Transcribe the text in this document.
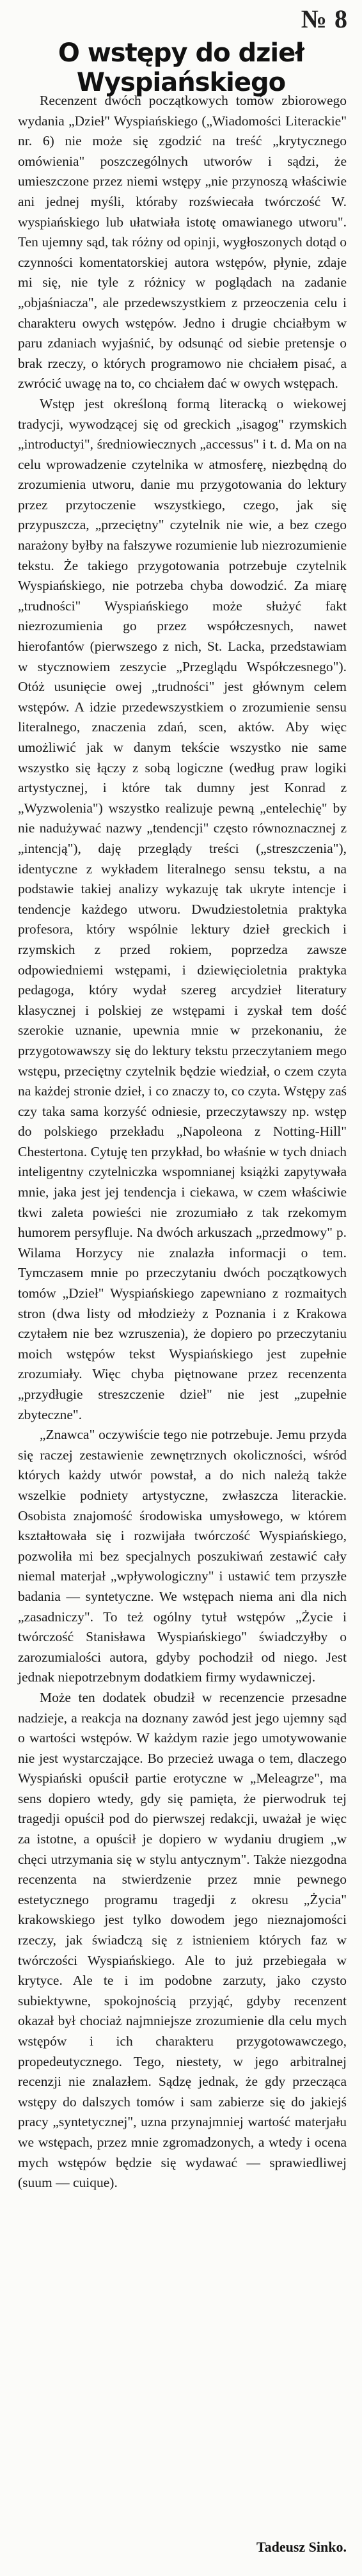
№ 8
O wstępy do dzieł Wyspiańskiego

Recenzent dwóch początkowych tomów zbiorowego wydania „Dzieł" Wyspiańskiego („Wiadomości Literackie" nr. 6) nie może się zgodzić na treść „krytycznego omówienia" poszczególnych utworów i sądzi, że umieszczone przez niemi wstępy „nie przynoszą właściwie ani jednej myśli, któraby rozświecała twórczość W. wyspiańskiego lub ułatwiała istotę omawianego utworu". Ten ujemny sąd, tak różny od opinji, wygłoszonych dotąd o czynności komentatorskiej autora wstępów, płynie, zdaje mi się, nie tyle z różnicy w poglądach na zadanie „objaśniacza", ale przedewszystkiem z przeoczenia celu i charakteru owych wstępów. Jedno i drugie chciałbym w paru zdaniach wyjaśnić, by odsunąć od siebie pretensje o brak rzeczy, o których programowo nie chciałem pisać, a zwrócić uwagę na to, co chciałem dać w owych wstępach.

Wstęp jest określoną formą literacką o wiekowej tradycji, wywodzącej się od greckich „isagog" rzymskich „introductyi", średniowiecznych „accessus" i t. d. Ma on na celu wprowadzenie czytelnika w atmosferę, niezbędną do zrozumienia utworu, danie mu przygotowania do lektury przez przytoczenie wszystkiego, czego, jak się przypuszcza, „przeciętny" czytelnik nie wie, a bez czego narażony byłby na fałszywe rozumienie lub niezrozumienie tekstu. Że takiego przygotowania potrzebuje czytelnik Wyspiańskiego, nie potrzeba chyba dowodzić. Za miarę „trudności" Wyspiańskiego może służyć fakt niezrozumienia go przez współczesnych, nawet hierofantów (pierwszego z nich, St. Lacka, przedstawiam w stycznowiem zeszycie „Przeglądu Współczesnego"). Otóż usunięcie owej „trudności" jest głównym celem wstępów. A idzie przedewszystkiem o zrozumienie sensu literalnego, znaczenia zdań, scen, aktów. Aby więc umożliwić jak w danym tekście wszystko nie same wszystko się łączy z sobą logiczne (według praw logiki artystycznej, i które tak dumny jest Konrad z „Wyzwolenia") wszystko realizuje pewną „entelechię" by nie nadużywać nazwy „tendencji" często równoznacznej z „intencją"), daję przeglądy treści („streszczenia"), identyczne z wykładem literalnego sensu tekstu, a na podstawie takiej analizy wykazuję tak ukryte intencje i tendencje każdego utworu. Dwudziestoletnia praktyka profesora, który wspólnie lektury dzieł greckich i rzymskich z przed rokiem, poprzedza zawsze odpowiedniemi wstępami, i dziewięcioletnia praktyka pedagoga, który wydał szereg arcydzieł literatury klasycznej i polskiej ze wstępami i zyskał tem dość szerokie uznanie, upewnia mnie w przekonaniu, że przygotowawszy się do lektury tekstu przeczytaniem mego wstępu, przeciętny czytelnik będzie wiedział, o czem czyta na każdej stronie dzieł, i co znaczy to, co czyta. Wstępy zaś czy taka sama korzyść odniesie, przeczytawszy np. wstęp do polskiego przekładu „Napoleona z Notting-Hill" Chestertona. Cytuję ten przykład, bo właśnie w tych dniach inteligentny czytelniczka wspomnianej książki zapytywała mnie, jaka jest jej tendencja i ciekawa, w czem właściwie tkwi zaleta powieści nie zrozumiało z tak rzekomym humorem persyfluje. Na dwóch arkuszach „przedmowy" p. Wilama Horzycy nie znalazła informacji o tem. Tymczasem mnie po przeczytaniu dwóch początkowych tomów „Dzieł" Wyspiańskiego zapewniano z rozmaitych stron (dwa listy od młodzieży z Poznania i z Krakowa czytałem nie bez wzruszenia), że dopiero po przeczytaniu moich wstępów tekst Wyspiańskiego jest zupełnie zrozumiały. Więc chyba piętnowane przez recenzenta „przydługie streszczenie dzieł" nie jest „zupełnie zbyteczne".

„Znawca" oczywiście tego nie potrzebuje. Jemu przyda się raczej zestawienie zewnętrznych okoliczności, wśród których każdy utwór powstał, a do nich należą także wszelkie podniety artystyczne, zwłaszcza literackie. Osobista znajomość środowiska umysłowego, w którem kształtowała się i rozwijała twórczość Wyspiańskiego, pozwoliła mi bez specjalnych poszukiwań zestawić cały niemal materjał „wpływologiczny" i ustawić tem przyszłe badania — syntetyczne. We wstępach niema ani dla nich „zasadniczy". To też ogólny tytuł wstępów „Życie i twórczość Stanisława Wyspiańskiego" świadczyłby o zarozumialości autora, gdyby pochodził od niego. Jest jednak niepotrzebnym dodatkiem firmy wydawniczej.

Może ten dodatek obudził w recenzencie przesadne nadzieje, a reakcja na doznany zawód jest jego ujemny sąd o wartości wstępów. W każdym razie jego umotywowanie nie jest wystarczające. Bo przecież uwaga o tem, dlaczego Wyspiański opuścił partie erotyczne w „Meleagrze", ma sens dopiero wtedy, gdy się pamięta, że pierwodruk tej tragedji opuścił pod do pierwszej redakcji, uważał je więc za istotne, a opuścił je dopiero w wydaniu drugiem „w chęci utrzymania się w stylu antycznym". Także niezgodna recenzenta na stwierdzenie przez mnie pewnego estetycznego programu tragedji z okresu „Życia" krakowskiego jest tylko dowodem jego nieznajomości rzeczy, jak świadczą się z istnieniem których faz w twórczości Wyspiańskiego. Ale to już przebiegała w krytyce. Ale te i im podobne zarzuty, jako czysto subiektywne, spokojnością przyjąć, gdyby recenzent okazał był chociaż najmniejsze zrozumienie dla celu mych wstępów i ich charakteru przygotowawczego, propedeutycznego. Tego, niestety, w jego arbitralnej recenzji nie znalazłem. Sądzę jednak, że gdy przecząca wstępy do dalszych tomów i sam zabierze się do jakiejś pracy „syntetycznej", uzna przynajmniej wartość materjału we wstępach, przez mnie zgromadzonych, a wtedy i ocena mych wstępów będzie się wydawać — sprawiedliwej (suum — cuique).

Tadeusz Sinko.
